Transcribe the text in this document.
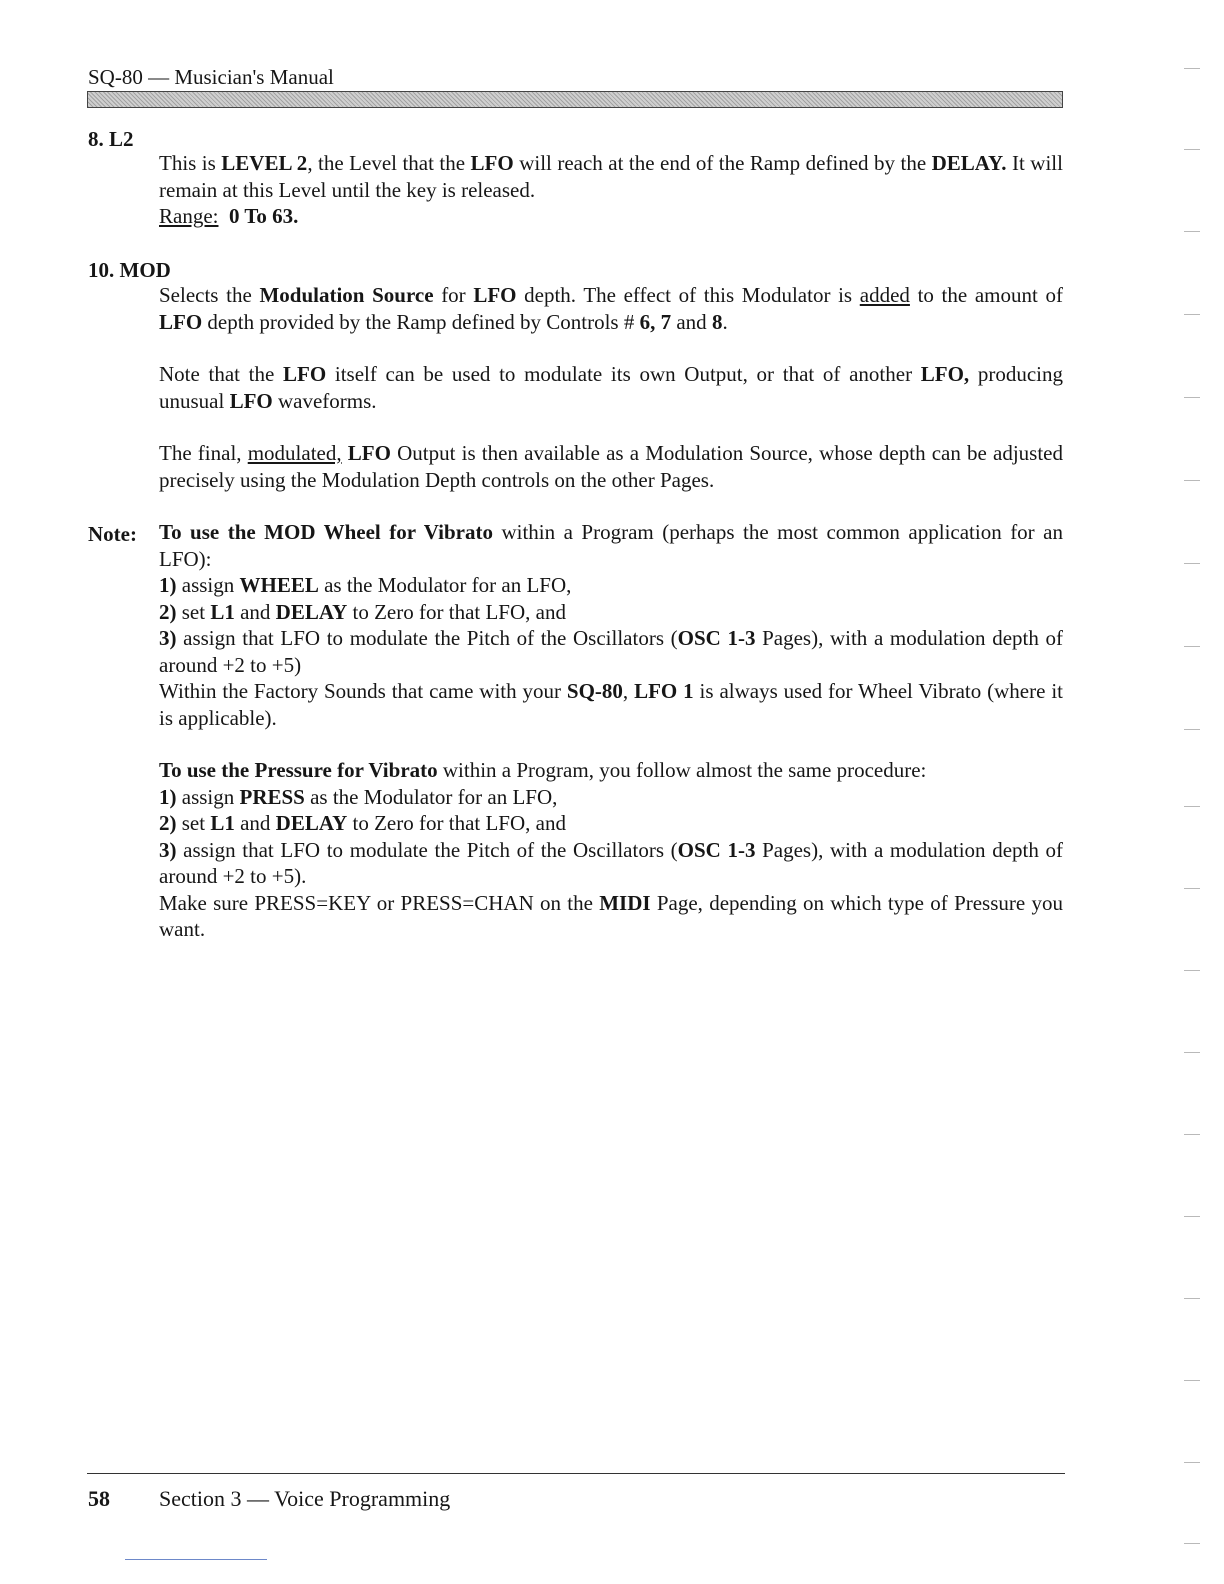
SQ-80 — Musician's Manual
8. L2

This is LEVEL 2, the Level that the LFO will reach at the end of the Ramp defined by the DELAY. It will remain at this Level until the key is released.

Range: 0 To 63.

10. MOD

Selects the Modulation Source for LFO depth. The effect of this Modulator is added to the amount of LFO depth provided by the Ramp defined by Controls # 6, 7 and 8.

Note that the LFO itself can be used to modulate its own Output, or that of another LFO, producing unusual LFO waveforms.

The final, modulated, LFO Output is then available as a Modulation Source, whose depth can be adjusted precisely using the Modulation Depth controls on the other Pages.

Note: To use the MOD Wheel for Vibrato within a Program (perhaps the most common application for an LFO):

1) assign WHEEL as the Modulator for an LFO,

2) set L1 and DELAY to Zero for that LFO, and

3) assign that LFO to modulate the Pitch of the Oscillators (OSC 1-3 Pages), with a modulation depth of around +2 to +5)

Within the Factory Sounds that came with your SQ-80, LFO 1 is always used for Wheel Vibrato (where it is applicable).

To use the Pressure for Vibrato within a Program, you follow almost the same procedure:

1) assign PRESS as the Modulator for an LFO,

2) set L1 and DELAY to Zero for that LFO, and

3) assign that LFO to modulate the Pitch of the Oscillators (OSC 1-3 Pages), with a modulation depth of around +2 to +5).

Make sure PRESS=KEY or PRESS=CHAN on the MIDI Page, depending on which type of Pressure you want.

58 Section 3 — Voice Programming
